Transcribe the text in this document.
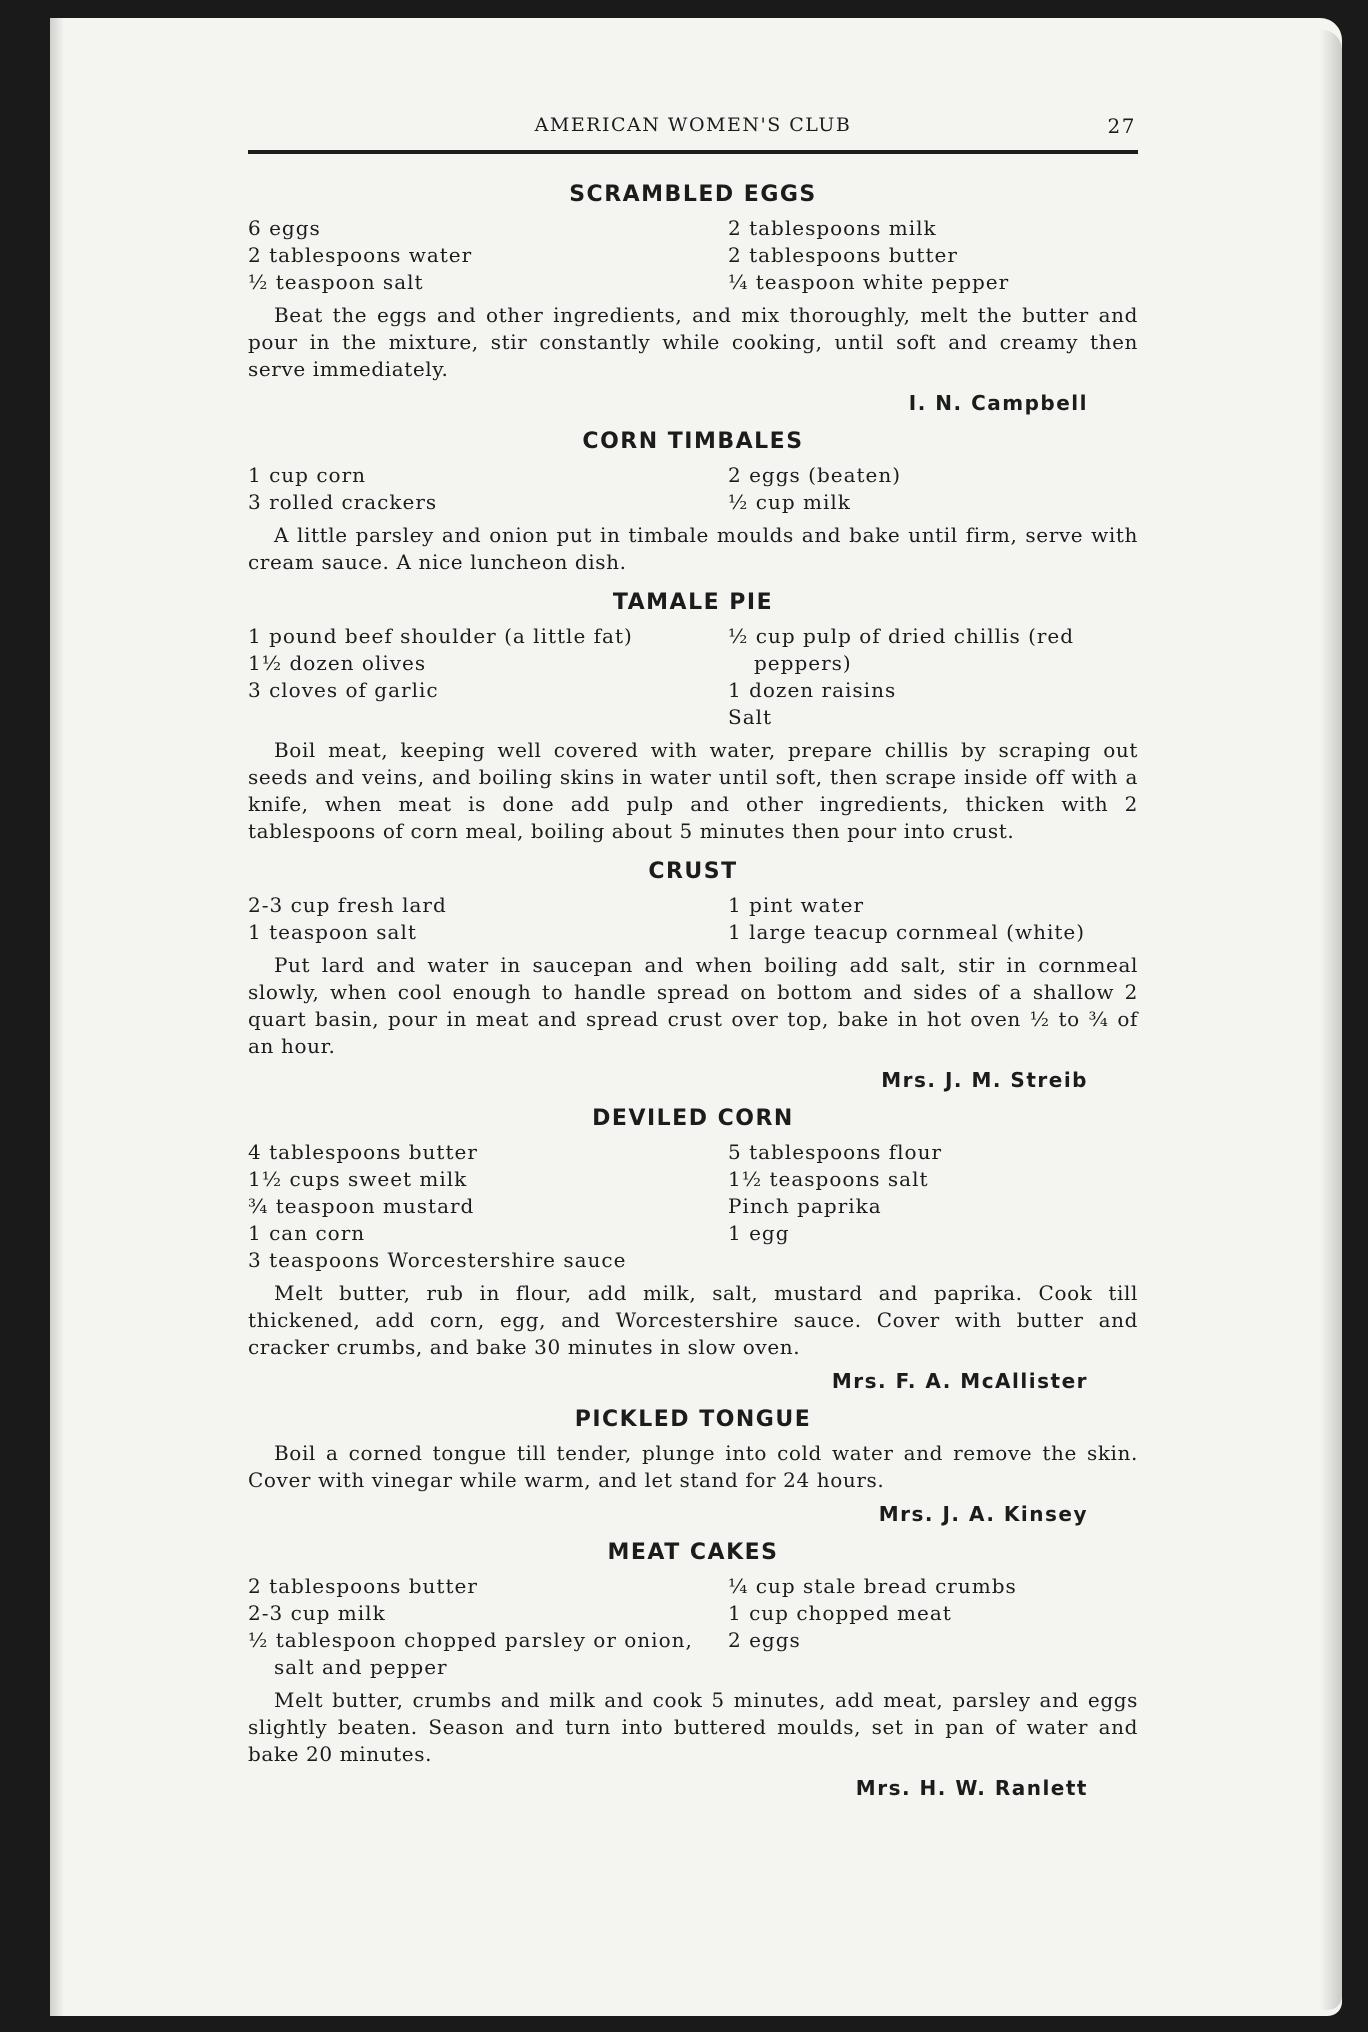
AMERICAN WOMEN'S CLUB	27
SCRAMBLED EGGS
6 eggs
2 tablespoons water
½ teaspoon salt
2 tablespoons milk
2 tablespoons butter
¼ teaspoon white pepper

Beat the eggs and other ingredients, and mix thoroughly, melt the butter and pour in the mixture, stir constantly while cooking, until soft and creamy then serve immediately.

I. N. Campbell
CORN TIMBALES
1 cup corn
3 rolled crackers
2 eggs (beaten)
½ cup milk

A little parsley and onion put in timbale moulds and bake until firm, serve with cream sauce. A nice luncheon dish.

TAMALE PIE
1 pound beef shoulder (a little fat)
1½ dozen olives
3 cloves of garlic
½ cup pulp of dried chillis (red peppers)
1 dozen raisins
Salt

Boil meat, keeping well covered with water, prepare chillis by scraping out seeds and veins, and boiling skins in water until soft, then scrape inside off with a knife, when meat is done add pulp and other ingredients, thicken with 2 tablespoons of corn meal, boiling about 5 minutes then pour into crust.

CRUST
2-3 cup fresh lard
1 teaspoon salt
1 pint water
1 large teacup cornmeal (white)

Put lard and water in saucepan and when boiling add salt, stir in cornmeal slowly, when cool enough to handle spread on bottom and sides of a shallow 2 quart basin, pour in meat and spread crust over top, bake in hot oven ½ to ¾ of an hour.

Mrs. J. M. Streib
DEVILED CORN
4 tablespoons butter
1½ cups sweet milk
¾ teaspoon mustard
1 can corn
3 teaspoons Worcestershire sauce
5 tablespoons flour
1½ teaspoons salt
Pinch paprika
1 egg

Melt butter, rub in flour, add milk, salt, mustard and paprika. Cook till thickened, add corn, egg, and Worcestershire sauce. Cover with butter and cracker crumbs, and bake 30 minutes in slow oven.

Mrs. F. A. McAllister
PICKLED TONGUE

Boil a corned tongue till tender, plunge into cold water and remove the skin. Cover with vinegar while warm, and let stand for 24 hours.

Mrs. J. A. Kinsey
MEAT CAKES
2 tablespoons butter
2-3 cup milk
½ tablespoon chopped parsley or onion, salt and pepper
¼ cup stale bread crumbs
1 cup chopped meat
2 eggs

Melt butter, crumbs and milk and cook 5 minutes, add meat, parsley and eggs slightly beaten. Season and turn into buttered moulds, set in pan of water and bake 20 minutes.

Mrs. H. W. Ranlett
